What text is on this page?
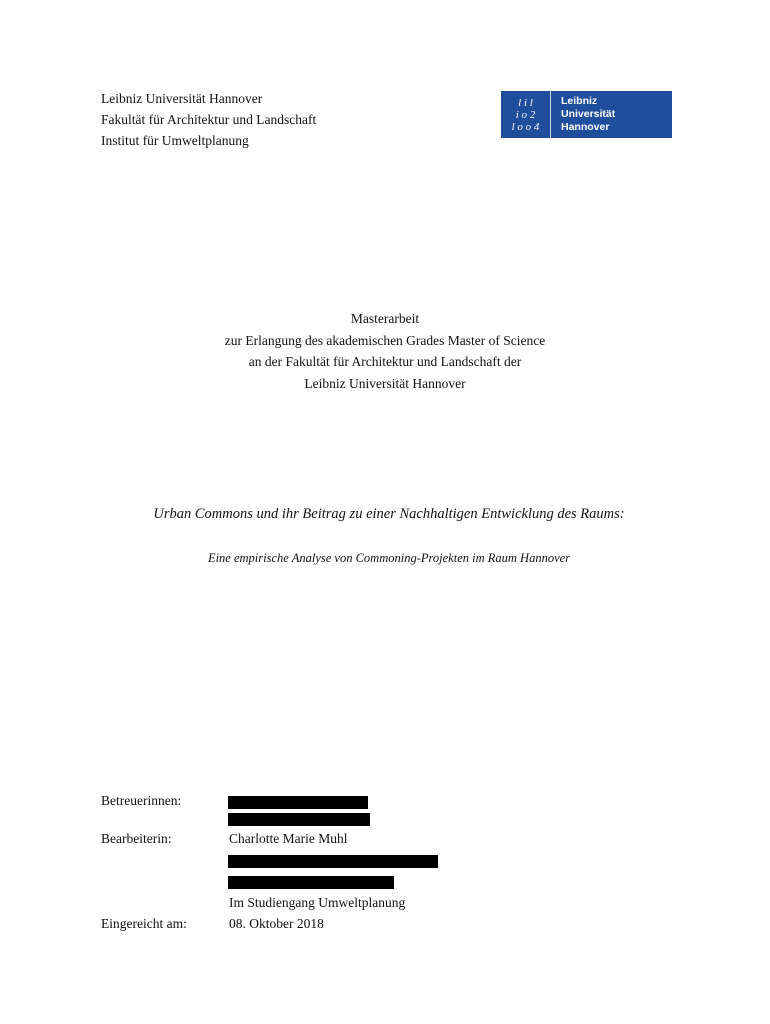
Leibniz Universität Hannover
Fakultät für Architektur und Landschaft
Institut für Umweltplanung
l i l
i o 2
l o o 4
Leibniz
Universität
Hannover
Masterarbeit
zur Erlangung des akademischen Grades Master of Science
an der Fakultät für Architektur und Landschaft der
Leibniz Universität Hannover
Urban Commons und ihr Beitrag zu einer Nachhaltigen Entwicklung des Raums:
Eine empirische Analyse von Commoning-Projekten im Raum Hannover
Betreuerinnen:
Bearbeiterin:	Charlotte Marie Muhl
Im Studiengang Umweltplanung
Eingereicht am:	08. Oktober 2018
